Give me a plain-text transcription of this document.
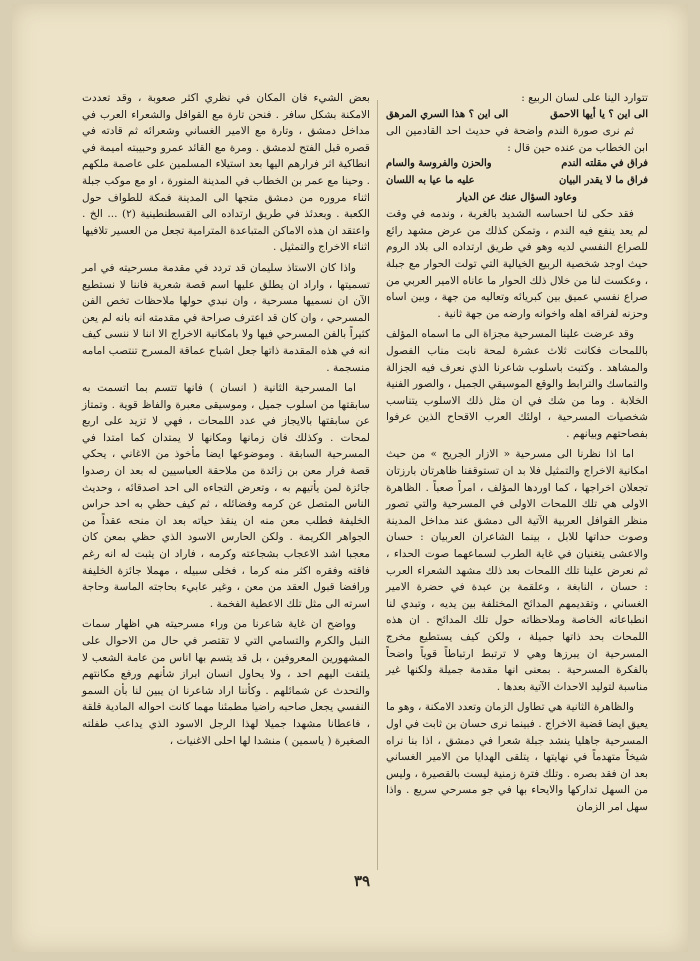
تتوارد الينا على لسان الربيع :

الى اين ؟ يا أيها الاحمق
الى اين ؟ هذا السري المرهق

ثم نرى صورة الندم واضحة في حديث احد القادمين الى ابن الخطاب من عنده حين قال :

فراق في مقلته الندم
والحزن والفروسة والسام
فراق ما لا يقدر البيان
عليه ما عيا به اللسان
وعاود السؤال عنك عن الديار

فقد حكى لنا احساسه الشديد بالغربة ، وندمه في وقت لم يعد ينفع فيه الندم ، وتمكن كذلك من عرض مشهد رائع للصراع النفسي لديه وهو في طريق ارتداده الى بلاد الروم حيث اوجد شخصية الربيع الخيالية التي تولت الحوار مع جبلة ، وعكست لنا من خلال ذلك الحوار ما عاناه الامير العربي من صراع نفسي عميق بين كبريائه وتعاليه من جهة ، وبين اساه وحزنه لفراقه اهله واخوانه وارضه من جهة ثانية .

وقد عرضت علينا المسرحية مجزاة الى ما اسماه المؤلف باللمحات فكانت ثلاث عشرة لمحة نابت مناب الفصول والمشاهد . وكتبت باسلوب شاعرنا الذي نعرف فيه الجزالة والتماسك والترابط والوقع الموسيقي الجميل ، والصور الفنية الخلابة . وما من شك في ان مثل ذلك الاسلوب يتناسب شخصيات المسرحية ، اولئك العرب الاقحاح الذين عرفوا بفصاحتهم وبيانهم .

اما اذا نظرنا الى مسرحية « الازار الجريح » من حيث امكانية الاخراج والتمثيل فلا بد ان تستوقفنا ظاهرتان بارزتان تجعلان اخراجها ، كما اوردها المؤلف ، امراً صعباً . الظاهرة الاولى هي تلك اللمحات الاولى في المسرحية والتي تصور منظر القوافل العربية الآتية الى دمشق عند مداخل المدينة وصوت حداتها للابل ، بينما الشاعران العربيان : حسان والاعشى يتغنيان في غاية الطرب لسماعهما صوت الحداء ، ثم نعرض علينا تلك اللمحات بعد ذلك مشهد الشعراء العرب : حسان ، النابغة ، وعلقمة بن عبدة في حضرة الامير الغساني ، وتقديمهم المدائح المختلفة بين يديه ، وتبدي لنا انطباعاته الخاصة وملاحظاته حول تلك المدائح . ان هذه اللمحات بحد ذاتها جميلة ، ولكن كيف يستطيع مخرج المسرحية ان يبرزها وهي لا ترتبط ارتباطاً قوياً واضحاً بالفكرة المسرحية . بمعنى انها مقدمة جميلة ولكنها غير مناسبة لتوليد الاحداث الآتية بعدها .

والظاهرة الثانية هي تطاول الزمان وتعدد الامكنة ، وهو ما يعيق ايضا قضية الاخراج . فبينما نرى حسان بن ثابت في اول المسرحية جاهليا ينشد جبلة شعرا في دمشق ، اذا بنا نراه شيخاً متهدماً في نهايتها ، يتلقى الهدايا من الامير الغساني بعد ان فقد بصره . وتلك فترة زمنية ليست بالقصيرة ، وليس من السهل تداركها والايحاء بها في جو مسرحي سريع . واذا سهل امر الزمان

بعض الشيء فان المكان في نظري اكثر صعوبة ، وقد تعددت الامكنة بشكل سافر . فنحن تارة مع القوافل والشعراء العرب في مداخل دمشق ، وتارة مع الامير الغساني وشعرائه ثم قادته في قصره قبل الفتح لدمشق . ومرة مع القائد عمرو وحبيبته اميمة في انطاكية اثر فرارهم اليها بعد استيلاء المسلمين على عاصمة ملكهم . وحينا مع عمر بن الخطاب في المدينة المنورة ، او مع موكب جبلة اثناء مروره من دمشق متجها الى المدينة فمكة للطواف حول الكعبة . وبعدئذ في طريق ارتداده الى القسطنطينية (٢) ... الخ . واعتقد ان هذه الاماكن المتباعدة المترامية تجعل من العسير تلافيها اثناء الاخراج والتمثيل .

واذا كان الاستاذ سليمان قد تردد في مقدمة مسرحيته في امر تسميتها ، واراد ان يطلق عليها اسم قصة شعرية فاننا لا نستطيع الآن ان نسميها مسرحية ، وان نبدي حولها ملاحظات تخص الفن المسرحي ، وان كان قد اعترف صراحة في مقدمته انه بانه لم يعن كثيراً بالفن المسرحي فيها ولا بامكانية الاخراج الا اننا لا ننسى كيف انه في هذه المقدمة ذاتها جعل اشباح عماقة المسرح تنتصب امامه منسجمة .

اما المسرحية الثانية ( انسان ) فانها تتسم بما اتسمت به سابقتها من اسلوب جميل ، وموسيقى معبرة والفاظ قوية . وتمتاز عن سابقتها بالايجاز في عدد اللمحات ، فهي لا تزيد على اربع لمحات . وكذلك فان زمانها ومكانها لا يمتدان كما امتدا في المسرحية السابقة . وموضوعها ايضا مأخوذ من الاغاني ، يحكي قصة فرار معن بن زائدة من ملاحقة العباسيين له بعد ان رصدوا جائزة لمن يأتيهم به ، وتعرض التجاءه الى احد اصدقائه ، وحديث الناس المتصل عن كرمه وفضائله ، ثم كيف حظي به احد حراس الخليفة فطلب معن منه ان ينقذ حياته بعد ان منحه عقداً من الجواهر الكريمة . ولكن الحارس الاسود الذي حظي بمعن كان معجبا اشد الاعجاب بشجاعته وكرمه ، فاراد ان يثبت له انه رغم فاقته وفقره اكثر منه كرما ، فخلى سبيله ، مهملا جائزة الخليفة ورافضا قبول العقد من معن ، وغير عابيء بحاجته الماسة وحاجة اسرته الى مثل تلك الاعطية الفخمة .

وواضح ان غاية شاعرنا من وراء مسرحيته هي اظهار سمات النبل والكرم والتسامي التي لا تقتصر في حال من الاحوال على المشهورين المعروفين ، بل قد يتسم بها اناس من عامة الشعب لا يلتفت اليهم احد ، ولا يحاول انسان ابراز شأنهم ورفع مكانتهم والتحدث عن شمائلهم . وكأننا اراد شاعرنا ان يبين لنا بأن السمو النفسي يجعل صاحبه راضيا مطمئنا مهما كانت احواله المادية قلقة ، فاعطانا مشهدا جميلا لهذا الرجل الاسود الذي يداعب طفلته الصغيرة ( ياسمين ) منشدا لها احلى الاغنيات ،

٣٩
